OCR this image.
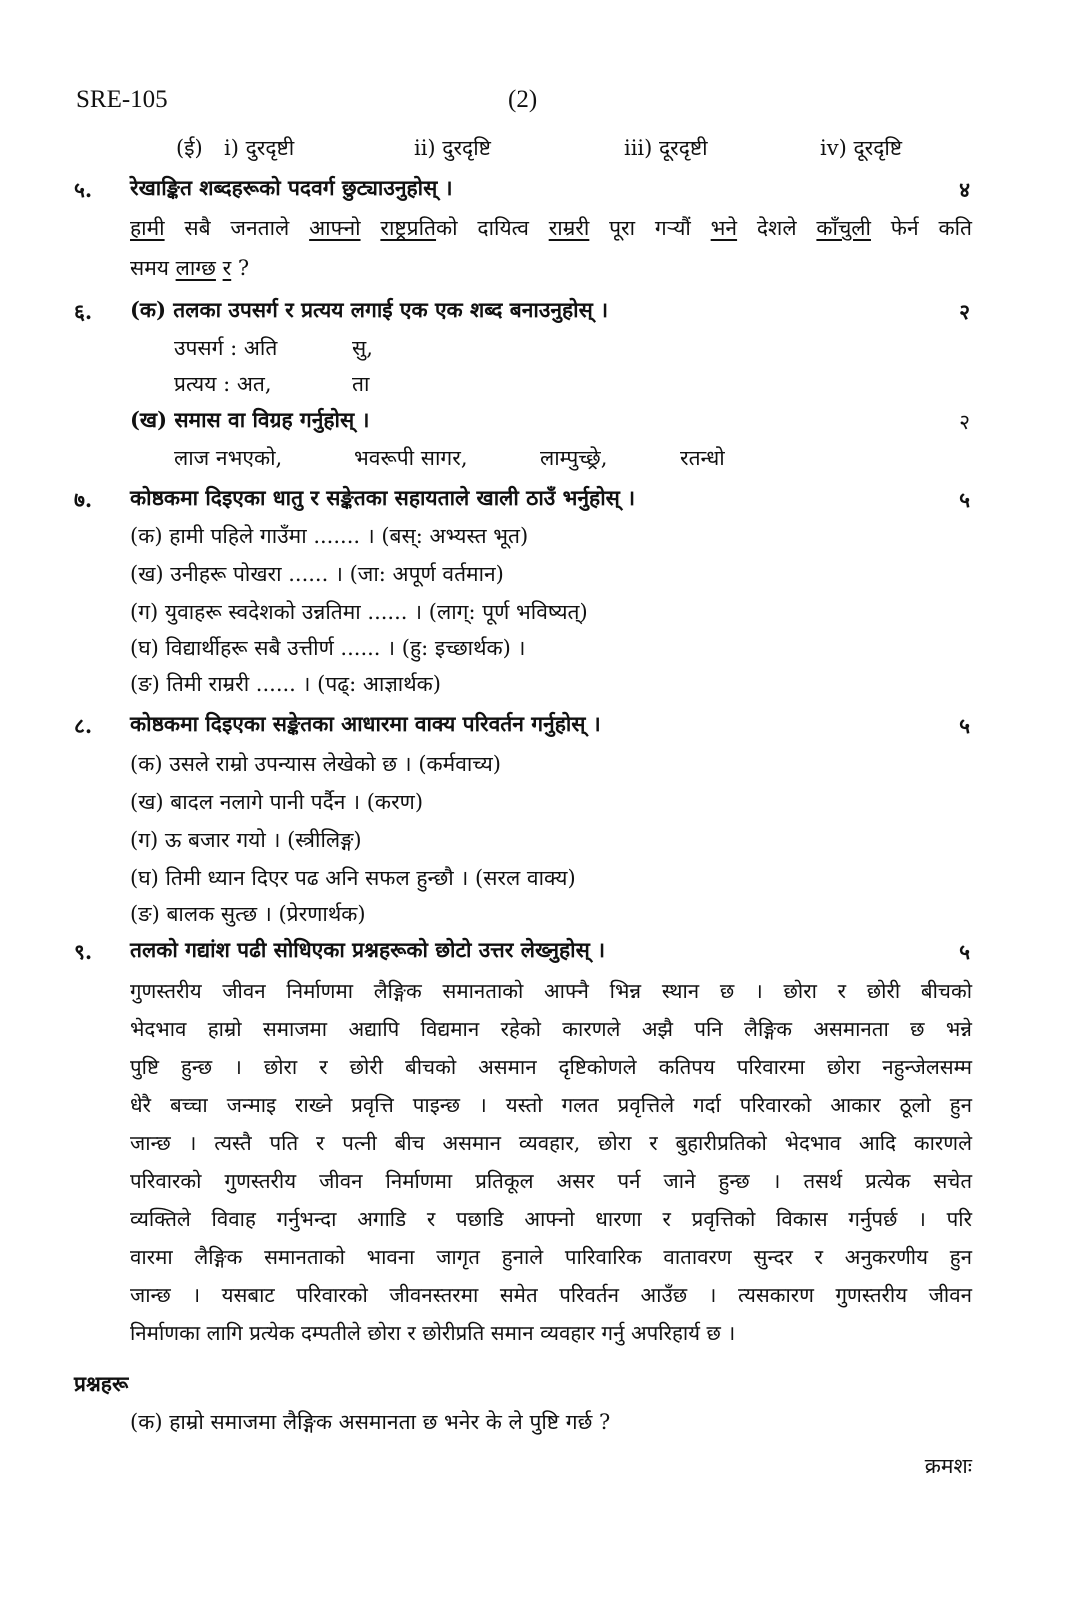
SRE-105	(2)
(ई) i) दुरदृष्टी	ii) दुरदृष्टि	iii) दूरदृष्टी	iv) दूरदृष्टि
५. रेखाङ्कित शब्दहरूको पदवर्ग छुट्याउनुहोस् ।	४
हामी सबै जनताले आफ्नो राष्ट्रप्रतिको दायित्व राम्ररी पूरा गर्‍यौं भने देशले काँचुली फेर्न कति
समय लाग्छ र ?
६. (क) तलका उपसर्ग र प्रत्यय लगाई एक एक शब्द बनाउनुहोस् ।	२
उपसर्ग : अति	सु,
प्रत्यय : अत,	ता
(ख) समास वा विग्रह गर्नुहोस् ।	२
लाज नभएको,	भवरूपी सागर,	लाम्पुच्छ्रे,	रतन्धो
७. कोष्ठकमा दिइएका धातु र सङ्केतका सहायताले खाली ठाउँ भर्नुहोस् ।	५
(क) हामी पहिले गाउँमा ....... । (बस्: अभ्यस्त भूत)
(ख) उनीहरू पोखरा ...... । (जा: अपूर्ण वर्तमान)
(ग) युवाहरू स्वदेशको उन्नतिमा ...... । (लाग्: पूर्ण भविष्यत्)
(घ) विद्यार्थीहरू सबै उत्तीर्ण ...... । (हु: इच्छार्थक) ।
(ङ) तिमी राम्ररी ...... । (पढ्: आज्ञार्थक)
८. कोष्ठकमा दिइएका सङ्केतका आधारमा वाक्य परिवर्तन गर्नुहोस् ।	५
(क) उसले राम्रो उपन्यास लेखेको छ । (कर्मवाच्य)
(ख) बादल नलागे पानी पर्दैन । (करण)
(ग) ऊ बजार गयो । (स्त्रीलिङ्ग)
(घ) तिमी ध्यान दिएर पढ अनि सफल हुन्छौ । (सरल वाक्य)
(ङ) बालक सुत्छ । (प्रेरणार्थक)
९. तलको गद्यांश पढी सोधिएका प्रश्नहरूको छोटो उत्तर लेख्नुहोस् ।	५
गुणस्तरीय जीवन निर्माणमा लैङ्गिक समानताको आफ्नै भिन्न स्थान छ । छोरा र छोरी बीचको
भेदभाव हाम्रो समाजमा अद्यापि विद्यमान रहेको कारणले अझै पनि लैङ्गिक असमानता छ भन्ने
पुष्टि हुन्छ । छोरा र छोरी बीचको असमान दृष्टिकोणले कतिपय परिवारमा छोरा नहुन्जेलसम्म
धेरै बच्चा जन्माइ राख्ने प्रवृत्ति पाइन्छ । यस्तो गलत प्रवृत्तिले गर्दा परिवारको आकार ठूलो हुन
जान्छ । त्यस्तै पति र पत्नी बीच असमान व्यवहार, छोरा र बुहारीप्रतिको भेदभाव आदि कारणले
परिवारको गुणस्तरीय जीवन निर्माणमा प्रतिकूल असर पर्न जाने हुन्छ । तसर्थ प्रत्येक सचेत
व्यक्तिले विवाह गर्नुभन्दा अगाडि र पछाडि आफ्नो धारणा र प्रवृत्तिको विकास गर्नुपर्छ । परि
वारमा लैङ्गिक समानताको भावना जागृत हुनाले पारिवारिक वातावरण सुन्दर र अनुकरणीय हुन
जान्छ । यसबाट परिवारको जीवनस्तरमा समेत परिवर्तन आउँछ । त्यसकारण गुणस्तरीय जीवन
निर्माणका लागि प्रत्येक दम्पतीले छोरा र छोरीप्रति समान व्यवहार गर्नु अपरिहार्य छ ।
प्रश्नहरू
(क) हाम्रो समाजमा लैङ्गिक असमानता छ भनेर के ले पुष्टि गर्छ ?
क्रमशः
